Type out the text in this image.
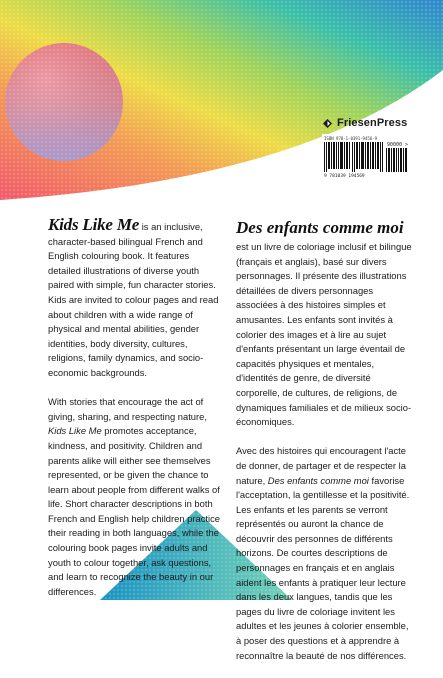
FriesenPress
ISBN 978-1-0391-9456-9
90000 >
9 781039 194569

Kids Like Me is an inclusive, character-based bilingual French and English colouring book. It features detailed illustrations of diverse youth paired with simple, fun character stories. Kids are invited to colour pages and read about children with a wide range of physical and mental abilities, gender identities, body diversity, cultures, religions, family dynamics, and socio-economic backgrounds.

With stories that encourage the act of giving, sharing, and respecting nature, Kids Like Me promotes acceptance, kindness, and positivity. Children and parents alike will either see themselves represented, or be given the chance to learn about people from different walks of life. Short character descriptions in both French and English help children practice their reading in both languages, while the colouring book pages invite adults and youth to colour together, ask questions, and learn to recognize the beauty in our differences.

Des enfants comme moi
est un livre de coloriage inclusif et bilingue (français et anglais), basé sur divers personnages. Il présente des illustrations détaillées de divers personnages associées à des histoires simples et amusantes. Les enfants sont invités à colorier des images et à lire au sujet d'enfants présentant un large éventail de capacités physiques et mentales, d'identités de genre, de diversité corporelle, de cultures, de religions, de dynamiques familiales et de milieux socio-économiques.

Avec des histoires qui encouragent l'acte de donner, de partager et de respecter la nature, Des enfants comme moi favorise l'acceptation, la gentillesse et la positivité. Les enfants et les parents se verront représentés ou auront la chance de découvrir des personnes de différents horizons. De courtes descriptions de personnages en français et en anglais aident les enfants à pratiquer leur lecture dans les deux langues, tandis que les pages du livre de coloriage invitent les adultes et les jeunes à colorier ensemble, à poser des questions et à apprendre à reconnaître la beauté de nos différences.
